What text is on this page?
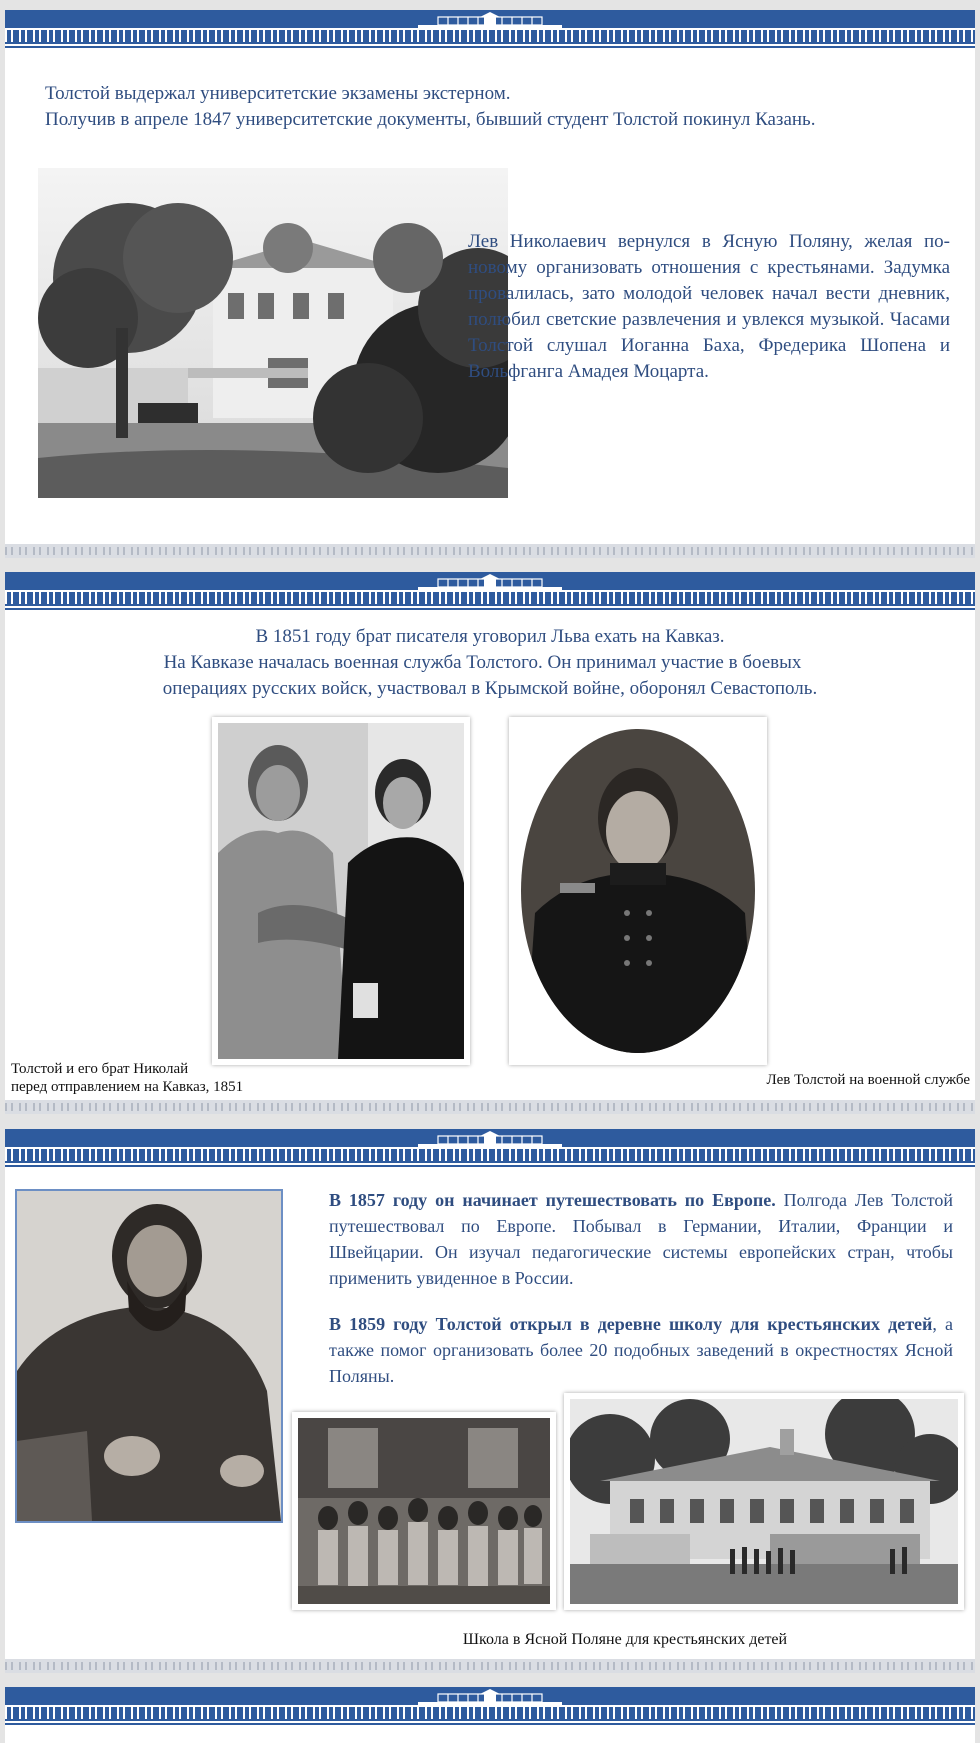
Толстой выдержал университетские экзамены экстерном.
Получив в апреле 1847 университетские документы, бывший студент Толстой покинул Казань.
Лев Николаевич вернулся в Ясную Поляну, желая по-новому организовать отношения с крестьянами. Задумка провалилась, зато молодой человек начал вести дневник, полюбил светские развлечения и увлекся музыкой. Часами Толстой слушал Иоганна Баха, Фредерика Шопена и Вольфганга Амадея Моцарта.
В 1851 году брат писателя уговорил Льва ехать на Кавказ.
На Кавказе началась военная служба Толстого. Он принимал участие в боевых
операциях русских войск, участвовал в Крымской войне, оборонял Севастополь.
Толстой и его брат Николай
перед отправлением на Кавказ, 1851	Лев Толстой на военной службе
В 1857 году он начинает путешествовать по Европе. Полгода Лев Толстой путешествовал по Европе. Побывал в Германии, Италии, Франции и Швейцарии. Он изучал педагогические системы европейских стран, чтобы применить увиденное в России.
В 1859 году Толстой открыл в деревне школу для крестьянских детей, а также помог организовать более 20 подобных заведений в окрестностях Ясной Поляны.
Школа в Ясной Поляне для крестьянских детей
